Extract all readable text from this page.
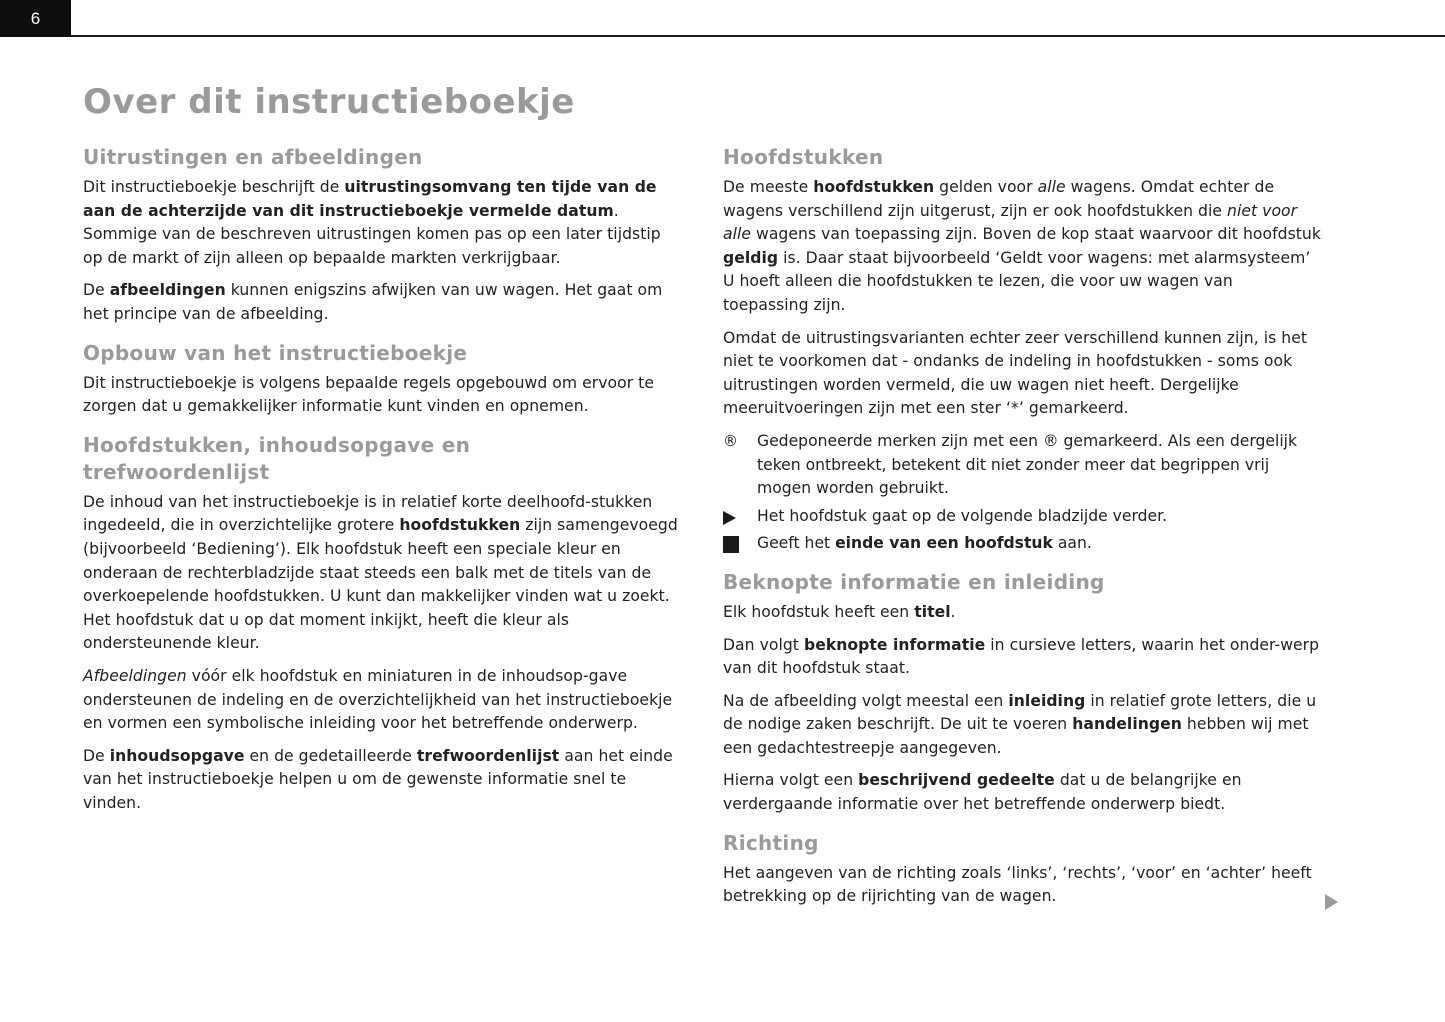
6
Over dit instructieboekje
Uitrustingen en afbeeldingen

Dit instructieboekje beschrijft de uitrustingsomvang ten tijde van de aan de achterzijde van dit instructieboekje vermelde datum. Sommige van de beschreven uitrustingen komen pas op een later tijdstip op de markt of zijn alleen op bepaalde markten verkrijgbaar.

De afbeeldingen kunnen enigszins afwijken van uw wagen. Het gaat om het principe van de afbeelding.

Opbouw van het instructieboekje

Dit instructieboekje is volgens bepaalde regels opgebouwd om ervoor te zorgen dat u gemakkelijker informatie kunt vinden en opnemen.

Hoofdstukken, inhoudsopgave en trefwoordenlijst

De inhoud van het instructieboekje is in relatief korte deelhoofd-stukken ingedeeld, die in overzichtelijke grotere hoofdstukken zijn samengevoegd (bijvoorbeeld ‘Bediening’). Elk hoofdstuk heeft een speciale kleur en onderaan de rechterbladzijde staat steeds een balk met de titels van de overkoepelende hoofdstukken. U kunt dan makkelijker vinden wat u zoekt. Het hoofdstuk dat u op dat moment inkijkt, heeft die kleur als ondersteunende kleur.

Afbeeldingen vóór elk hoofdstuk en miniaturen in de inhoudsop-gave ondersteunen de indeling en de overzichtelijkheid van het instructieboekje en vormen een symbolische inleiding voor het betreffende onderwerp.

De inhoudsopgave en de gedetailleerde trefwoordenlijst aan het einde van het instructieboekje helpen u om de gewenste informatie snel te vinden.

Hoofdstukken

De meeste hoofdstukken gelden voor alle wagens. Omdat echter de wagens verschillend zijn uitgerust, zijn er ook hoofdstukken die niet voor alle wagens van toepassing zijn. Boven de kop staat waarvoor dit hoofdstuk geldig is. Daar staat bijvoorbeeld ‘Geldt voor wagens: met alarmsysteem’ U hoeft alleen die hoofdstukken te lezen, die voor uw wagen van toepassing zijn.

Omdat de uitrustingsvarianten echter zeer verschillend kunnen zijn, is het niet te voorkomen dat - ondanks de indeling in hoofdstukken - soms ook uitrustingen worden vermeld, die uw wagen niet heeft. Dergelijke meeruitvoeringen zijn met een ster ‘*’ gemarkeerd.

®	Gedeponeerde merken zijn met een ® gemarkeerd. Als een dergelijk teken ontbreekt, betekent dit niet zonder meer dat begrippen vrij mogen worden gebruikt.
Het hoofdstuk gaat op de volgende bladzijde verder.
Geeft het einde van een hoofdstuk aan.
Beknopte informatie en inleiding

Elk hoofdstuk heeft een titel.

Dan volgt beknopte informatie in cursieve letters, waarin het onder-werp van dit hoofdstuk staat.

Na de afbeelding volgt meestal een inleiding in relatief grote letters, die u de nodige zaken beschrijft. De uit te voeren handelingen hebben wij met een gedachtestreepje aangegeven.

Hierna volgt een beschrijvend gedeelte dat u de belangrijke en verdergaande informatie over het betreffende onderwerp biedt.

Richting

Het aangeven van de richting zoals ‘links’, ‘rechts’, ‘voor’ en ‘achter’ heeft betrekking op de rijrichting van de wagen.
